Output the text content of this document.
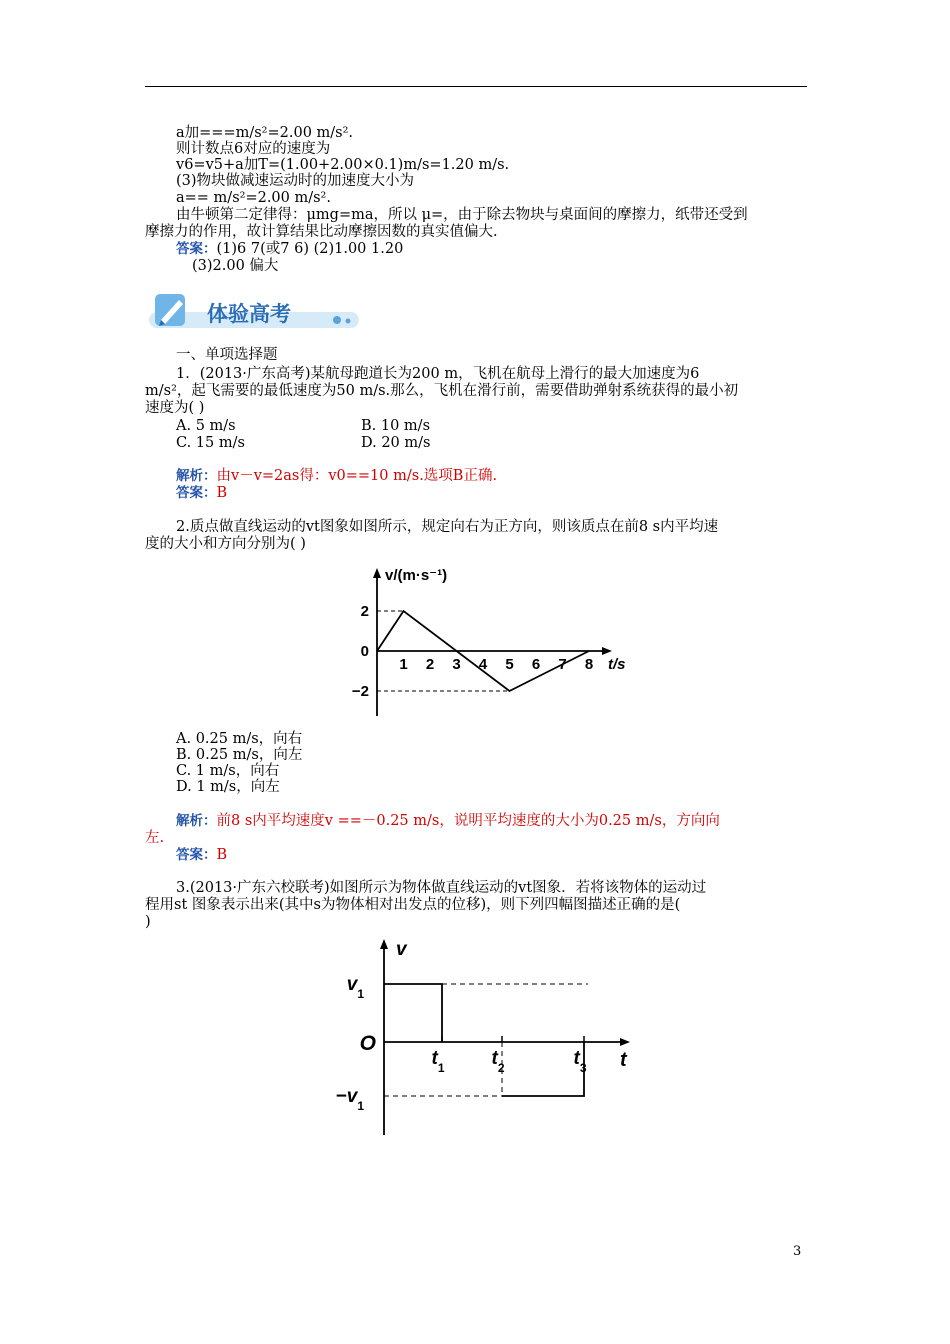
a加===m/s²=2.00 m/s².
则计数点6对应的速度为
v6=v5+a加T=(1.00+2.00×0.1)m/s=1.20 m/s.
(3)物块做减速运动时的加速度大小为
a== m/s²=2.00 m/s².
由牛顿第二定律得：μmg=ma，所以 μ=，由于除去物块与桌面间的摩擦力，纸带还受到
摩擦力的作用，故计算结果比动摩擦因数的真实值偏大.
答案：(1)6 7(或7 6) (2)1.00 1.20
(3)2.00 偏大
体验高考
一、单项选择题
1．(2013·广东高考)某航母跑道长为200 m，飞机在航母上滑行的最大加速度为6
m/s²，起飞需要的最低速度为50 m/s.那么，飞机在滑行前，需要借助弹射系统获得的最小初
速度为( )
A. 5 m/s	B. 10 m/s
C. 15 m/s	D. 20 m/s
解析：由v－v=2as得：v0==10 m/s.选项B正确.
答案：B
2.质点做直线运动的vt图象如图所示，规定向右为正方向，则该质点在前8 s内平均速
度的大小和方向分别为( )
1 2 3 4 5 6 7 8
2
0
−2
v/(m·s⁻¹)
t/s
A. 0.25 m/s，向右
B. 0.25 m/s，向左
C. 1 m/s，向右
D. 1 m/s，向左
解析：前8 s内平均速度v ==－0.25 m/s，说明平均速度的大小为0.25 m/s，方向向
左.
答案：B
3.(2013·广东六校联考)如图所示为物体做直线运动的vt图象．若将该物体的运动过
程用st 图象表示出来(其中s为物体相对出发点的位移)，则下列四幅图描述正确的是(
)
$t_1$ $t_2$	$t_3$
$v_1$
O
$-v_1$
v
t
3
